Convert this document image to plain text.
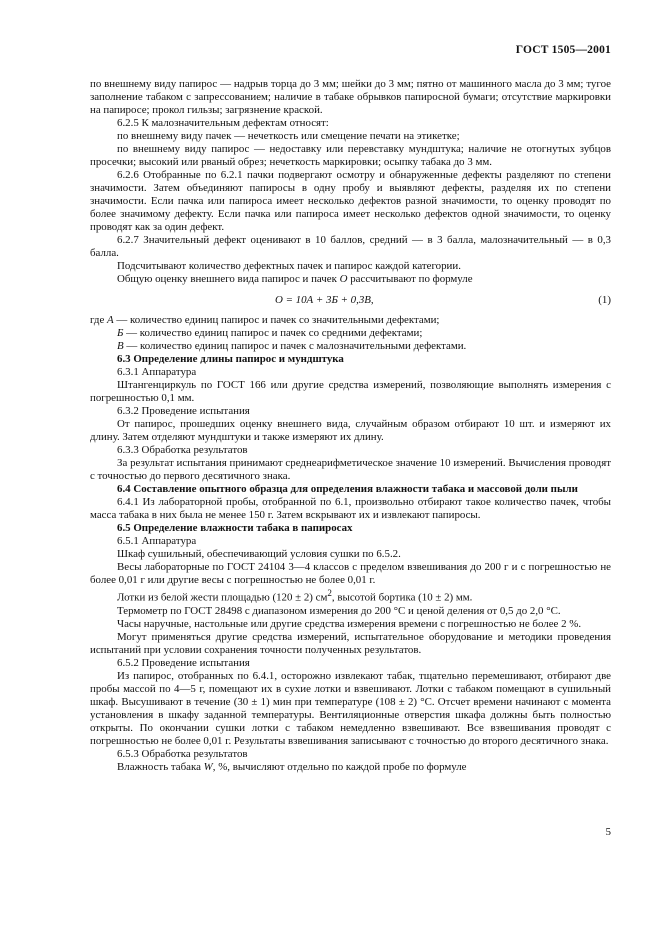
ГОСТ 1505—2001

по внешнему виду папирос — надрыв торца до 3 мм; шейки до 3 мм; пятно от машинного масла до 3 мм; тугое заполнение табаком с запрессованием; наличие в табаке обрывков папиросной бумаги; отсутствие маркировки на папиросе; прокол гильзы; загрязнение краской.

6.2.5 К малозначительным дефектам относят:

по внешнему виду пачек — нечеткость или смещение печати на этикетке;

по внешнему виду папирос — недоставку или перевставку мундштука; наличие не отогнутых зубцов просечки; высокий или рваный обрез; нечеткость маркировки; осыпку табака до 3 мм.

6.2.6 Отобранные по 6.2.1 пачки подвергают осмотру и обнаруженные дефекты разделяют по степени значимости. Затем объединяют папиросы в одну пробу и выявляют дефекты, разделяя их по степени значимости. Если пачка или папироса имеет несколько дефектов разной значимости, то оценку проводят по более значимому дефекту. Если пачка или папироса имеет несколько дефектов одной значимости, то оценку проводят как за один дефект.

6.2.7 Значительный дефект оценивают в 10 баллов, средний — в 3 балла, малозначительный — в 0,3 балла.

Подсчитывают количество дефектных пачек и папирос каждой категории.

Общую оценку внешнего вида папирос и пачек О рассчитывают по формуле

О = 10А + 3Б + 0,3В,	(1)

где А — количество единиц папирос и пачек со значительными дефектами;

Б — количество единиц папирос и пачек со средними дефектами;

В — количество единиц папирос и пачек с малозначительными дефектами.

6.3 Определение длины папирос и мундштука

6.3.1 Аппаратура

Штангенциркуль по ГОСТ 166 или другие средства измерений, позволяющие выполнять измерения с погрешностью 0,1 мм.

6.3.2 Проведение испытания

От папирос, прошедших оценку внешнего вида, случайным образом отбирают 10 шт. и измеряют их длину. Затем отделяют мундштуки и также измеряют их длину.

6.3.3 Обработка результатов

За результат испытания принимают среднеарифметическое значение 10 измерений. Вычисления проводят с точностью до первого десятичного знака.

6.4 Составление опытного образца для определения влажности табака и массовой доли пыли

6.4.1 Из лабораторной пробы, отобранной по 6.1, произвольно отбирают такое количество пачек, чтобы масса табака в них была не менее 150 г. Затем вскрывают их и извлекают папиросы.

6.5 Определение влажности табака в папиросах

6.5.1 Аппаратура

Шкаф сушильный, обеспечивающий условия сушки по 6.5.2.

Весы лабораторные по ГОСТ 24104 3—4 классов с пределом взвешивания до 200 г и с погрешностью не более 0,01 г или другие весы с погрешностью не более 0,01 г.

Лотки из белой жести площадью (120 ± 2) $см^2$, высотой бортика (10 ± 2) мм.

Термометр по ГОСТ 28498 с диапазоном измерения до 200 °С и ценой деления от 0,5 до 2,0 °С.

Часы наручные, настольные или другие средства измерения времени с погрешностью не более 2 %.

Могут применяться другие средства измерений, испытательное оборудование и методики проведения испытаний при условии сохранения точности полученных результатов.

6.5.2 Проведение испытания

Из папирос, отобранных по 6.4.1, осторожно извлекают табак, тщательно перемешивают, отбирают две пробы массой по 4—5 г, помещают их в сухие лотки и взвешивают. Лотки с табаком помещают в сушильный шкаф. Высушивают в течение (30 ± 1) мин при температуре (108 ± 2) °С. Отсчет времени начинают с момента установления в шкафу заданной температуры. Вентиляционные отверстия шкафа должны быть полностью открыты. По окончании сушки лотки с табаком немедленно взвешивают. Все взвешивания проводят с погрешностью не более 0,01 г. Результаты взвешивания записывают с точностью до второго десятичного знака.

6.5.3 Обработка результатов

Влажность табака W, %, вычисляют отдельно по каждой пробе по формуле

5
